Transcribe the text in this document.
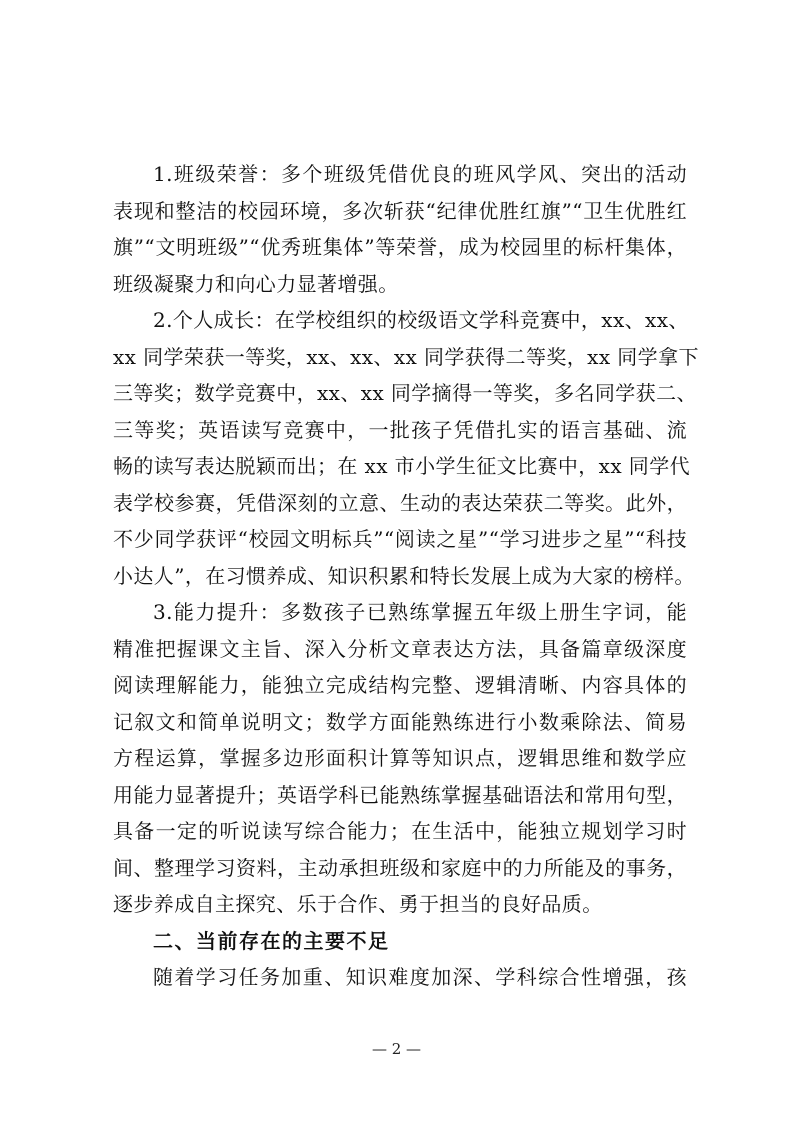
1.班级荣誉：多个班级凭借优良的班风学风、突出的活动
表现和整洁的校园环境，多次斩获“纪律优胜红旗”“卫生优胜红
旗”“文明班级”“优秀班集体”等荣誉，成为校园里的标杆集体，
班级凝聚力和向心力显著增强。
2.个人成长：在学校组织的校级语文学科竞赛中，xx、xx、
xx 同学荣获一等奖，xx、xx、xx 同学获得二等奖，xx 同学拿下
三等奖；数学竞赛中，xx、xx 同学摘得一等奖，多名同学获二、
三等奖；英语读写竞赛中，一批孩子凭借扎实的语言基础、流
畅的读写表达脱颖而出；在 xx 市小学生征文比赛中，xx 同学代
表学校参赛，凭借深刻的立意、生动的表达荣获二等奖。此外，
不少同学获评“校园文明标兵”“阅读之星”“学习进步之星”“科技
小达人”，在习惯养成、知识积累和特长发展上成为大家的榜样。
3.能力提升：多数孩子已熟练掌握五年级上册生字词，能
精准把握课文主旨、深入分析文章表达方法，具备篇章级深度
阅读理解能力，能独立完成结构完整、逻辑清晰、内容具体的
记叙文和简单说明文；数学方面能熟练进行小数乘除法、简易
方程运算，掌握多边形面积计算等知识点，逻辑思维和数学应
用能力显著提升；英语学科已能熟练掌握基础语法和常用句型，
具备一定的听说读写综合能力；在生活中，能独立规划学习时
间、整理学习资料，主动承担班级和家庭中的力所能及的事务，
逐步养成自主探究、乐于合作、勇于担当的良好品质。
二、当前存在的主要不足
随着学习任务加重、知识难度加深、学科综合性增强，孩
— 2 —
